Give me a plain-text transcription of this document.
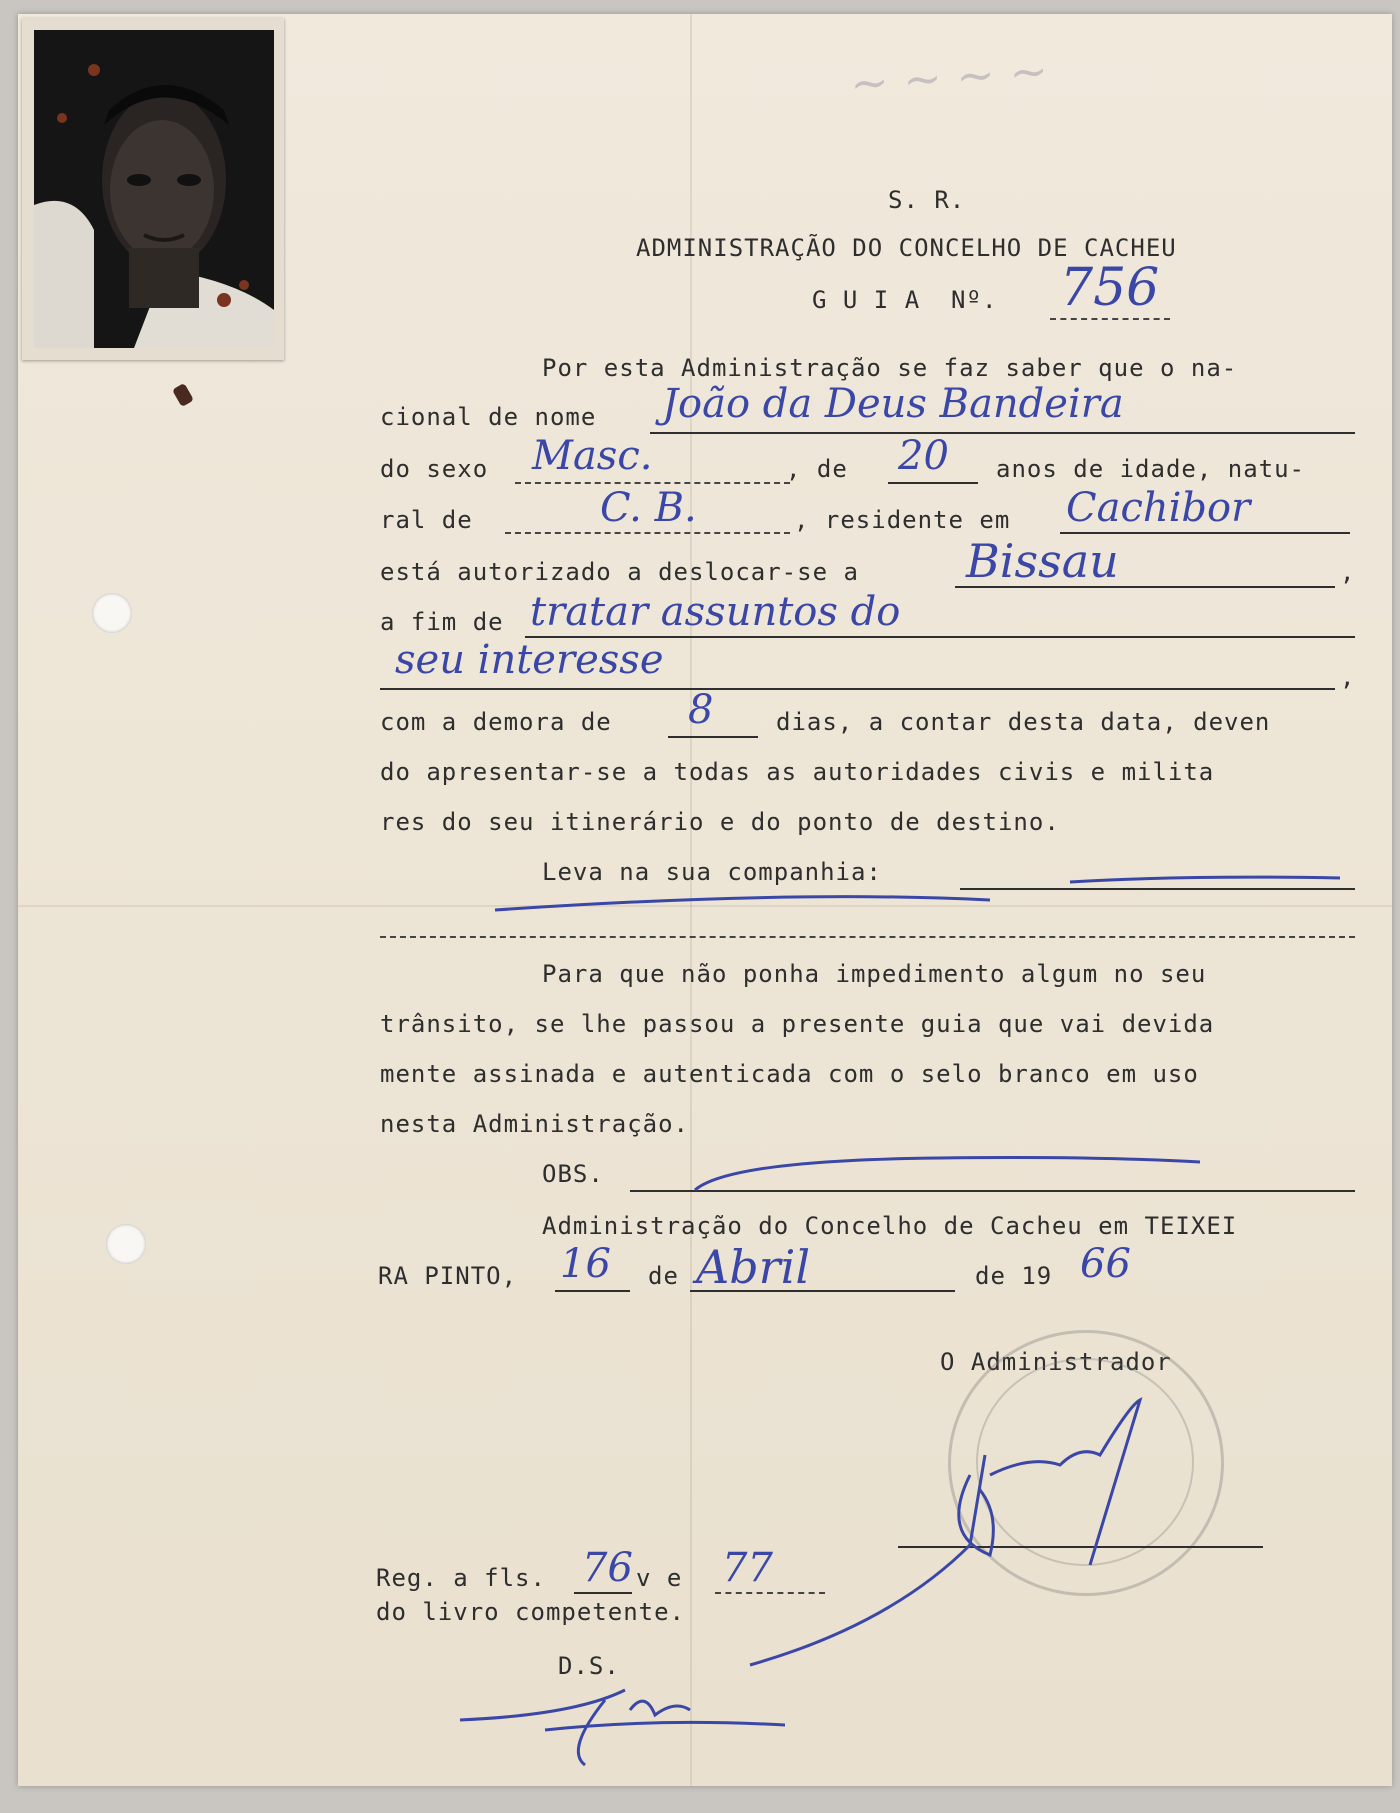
~ ~ ~ ~
S. R.
ADMINISTRAÇÃO DO CONCELHO DE CACHEU
G U I A  Nº. 756
Por esta Administração se faz saber que o na-
cional de nome João da Deus Bandeira
do sexo Masc.	, de 20 anos de idade, natu-
ral de	C. B.	, residente em Cachibor
está autorizado a deslocar-se a Bissau	,
a fim de tratar assuntos do
seu interesse	,
com a demora de 8	dias, a contar desta data, deven
do apresentar-se a todas as autoridades civis e milita
res do seu itinerário e do ponto de destino.
Leva na sua companhia:
Para que não ponha impedimento algum no seu
trânsito, se lhe passou a presente guia que vai devida
mente assinada e autenticada com o selo branco em uso
nesta Administração.
OBS.
Administração do Concelho de Cacheu em TEIXEI
RA PINTO, 16 de Abril	de 19 66
O Administrador
Reg. a fls. 76 v e 77
do livro competente.
D.S.
